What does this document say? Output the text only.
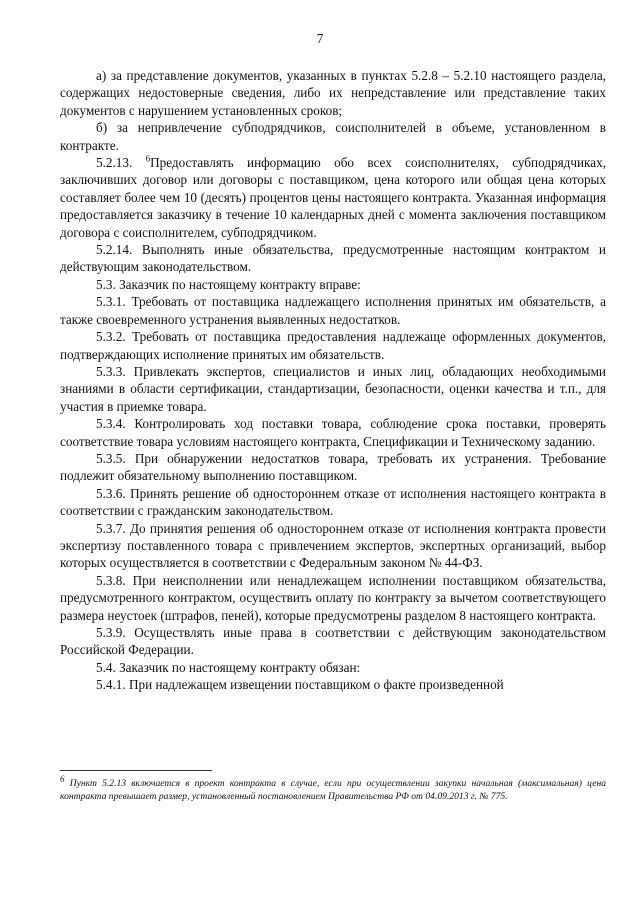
7

а) за представление документов, указанных в пунктах 5.2.8 – 5.2.10 настоящего раздела, содержащих недостоверные сведения, либо их непредставление или представление таких документов с нарушением установленных сроков;

б) за непривлечение субподрядчиков, соисполнителей в объеме, установленном в контракте.

5.2.13. $^6$Предоставлять информацию обо всех соисполнителях, субподрядчиках, заключивших договор или договоры с поставщиком, цена которого или общая цена которых составляет более чем 10 (десять) процентов цены настоящего контракта. Указанная информация предоставляется заказчику в течение 10 календарных дней с момента заключения поставщиком договора с соисполнителем, субподрядчиком.

5.2.14. Выполнять иные обязательства, предусмотренные настоящим контрактом и действующим законодательством.

5.3. Заказчик по настоящему контракту вправе:

5.3.1. Требовать от поставщика надлежащего исполнения принятых им обязательств, а также своевременного устранения выявленных недостатков.

5.3.2. Требовать от поставщика предоставления надлежаще оформленных документов, подтверждающих исполнение принятых им обязательств.

5.3.3. Привлекать экспертов, специалистов и иных лиц, обладающих необходимыми знаниями в области сертификации, стандартизации, безопасности, оценки качества и т.п., для участия в приемке товара.

5.3.4. Контролировать ход поставки товара, соблюдение срока поставки, проверять соответствие товара условиям настоящего контракта, Спецификации и Техническому заданию.

5.3.5. При обнаружении недостатков товара, требовать их устранения. Требование подлежит обязательному выполнению поставщиком.

5.3.6. Принять решение об одностороннем отказе от исполнения настоящего контракта в соответствии с гражданским законодательством.

5.3.7. До принятия решения об одностороннем отказе от исполнения контракта провести экспертизу поставленного товара с привлечением экспертов, экспертных организаций, выбор которых осуществляется в соответствии с Федеральным законом № 44-ФЗ.

5.3.8. При неисполнении или ненадлежащем исполнении поставщиком обязательства, предусмотренного контрактом, осуществить оплату по контракту за вычетом соответствующего размера неустоек (штрафов, пеней), которые предусмотрены разделом 8 настоящего контракта.

5.3.9. Осуществлять иные права в соответствии с действующим законодательством Российской Федерации.

5.4. Заказчик по настоящему контракту обязан:

5.4.1. При надлежащем извещении поставщиком о факте произведенной

6 Пункт 5.2.13 включается в проект контракта в случае, если при осуществлении закупки начальная (максимальная) цена контракта превышает размер, установленный постановлением Правительства РФ от 04.09.2013 г. № 775.
